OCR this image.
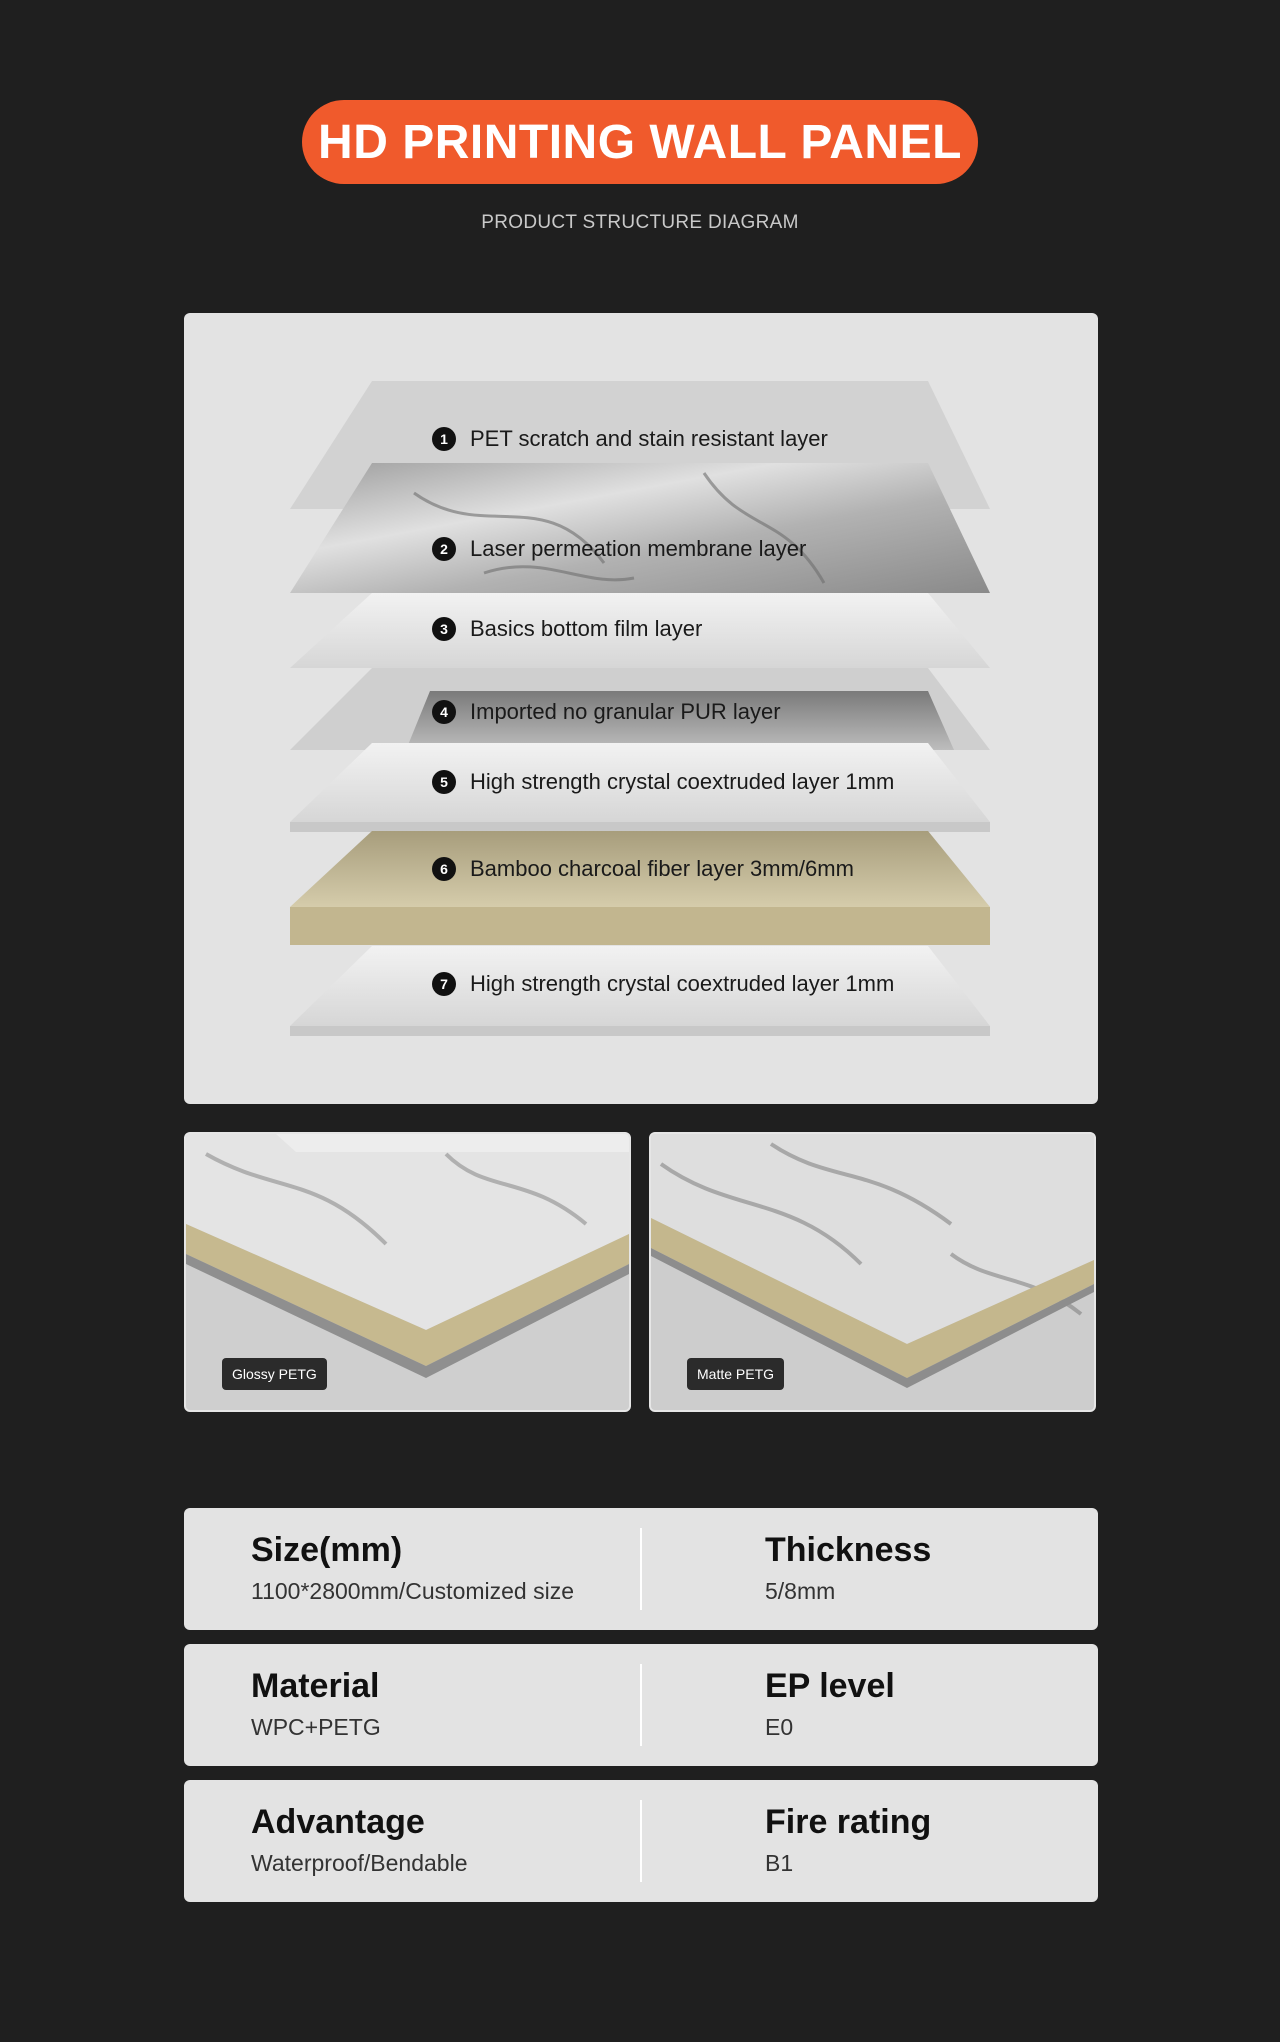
HD PRINTING WALL PANEL
PRODUCT STRUCTURE DIAGRAM
1	PET scratch and stain resistant layer
2	Laser permeation membrane layer
3	Basics bottom film layer
4	Imported no granular PUR layer
5	High strength crystal coextruded layer 1mm
6	Bamboo charcoal fiber layer 3mm/6mm
7	High strength crystal coextruded layer 1mm
Glossy PETG	Matte PETG
Size(mm)
1100*2800mm/Customized size
Thickness
5/8mm
Material
WPC+PETG
EP level
E0
Advantage
Waterproof/Bendable
Fire rating
B1
